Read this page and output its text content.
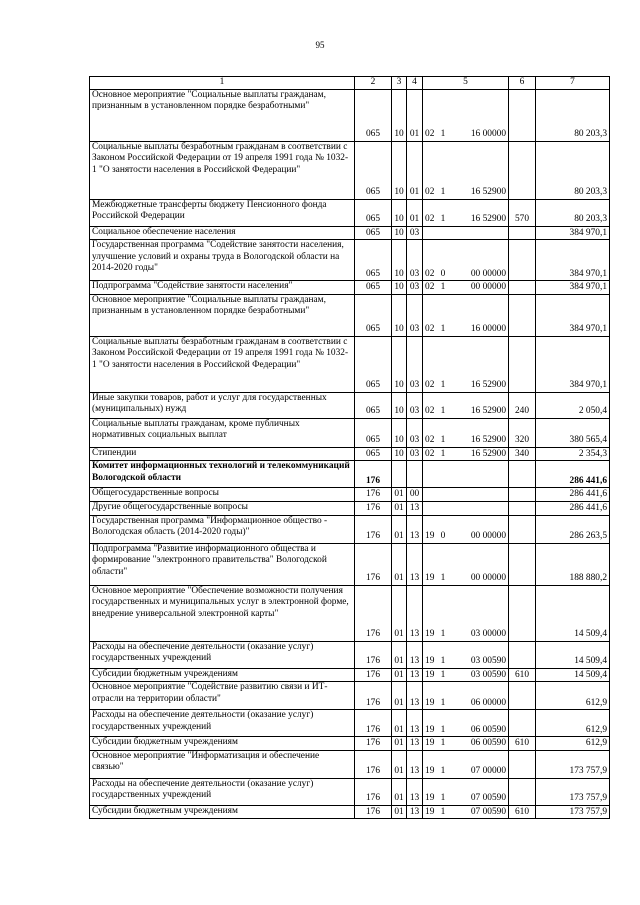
95
1	2	3	4	5	6	7
Основное мероприятие "Социальные выплаты гражданам, признанным в установленном порядке безработными"	065	10	01	02 1 16 00000		80 203,3
Социальные выплаты безработным гражданам в соответствии с Законом Российской Федерации от 19 апреля 1991 года № 1032-1 "О занятости населения в Российской Федерации"	065	10	01	02 1 16 52900		80 203,3
Межбюджетные трансферты бюджету Пенсионного фонда Российской Федерации	065	10	01	02 1 16 52900	570	80 203,3
Социальное обеспечение населения	065	10	03			384 970,1
Государственная программа "Содействие занятости населения, улучшение условий и охраны труда в Вологодской области на 2014-2020 годы"	065	10	03	02 0 00 00000		384 970,1
Подпрограмма "Содействие занятости населения"	065	10	03	02 1 00 00000		384 970,1
Основное мероприятие "Социальные выплаты гражданам, признанным в установленном порядке безработными"	065	10	03	02 1 16 00000		384 970,1
Социальные выплаты безработным гражданам в соответствии с Законом Российской Федерации от 19 апреля 1991 года № 1032-1 "О занятости населения в Российской Федерации"	065	10	03	02 1 16 52900		384 970,1
Иные закупки товаров, работ и услуг для государственных (муниципальных) нужд	065	10	03	02 1 16 52900	240	2 050,4
Социальные выплаты гражданам, кроме публичных нормативных социальных выплат	065	10	03	02 1 16 52900	320	380 565,4
Стипендии	065	10	03	02 1 16 52900	340	2 354,3
Комитет информационных технологий и телекоммуникаций Вологодской области	176					286 441,6
Общегосударственные вопросы	176	01	00			286 441,6
Другие общегосударственные вопросы	176	01	13			286 441,6
Государственная программа "Информационное общество - Вологодская область (2014-2020 годы)"	176	01	13	19 0 00 00000		286 263,5
Подпрограмма "Развитие информационного общества и формирование "электронного правительства" Вологодской области"	176	01	13	19 1 00 00000		188 880,2
Основное мероприятие "Обеспечение возможности получения государственных и муниципальных услуг в электронной форме, внедрение универсальной электронной карты"	176	01	13	19 1 03 00000		14 509,4
Расходы на обеспечение деятельности (оказание услуг) государственных учреждений	176	01	13	19 1 03 00590		14 509,4
Субсидии бюджетным учреждениям	176	01	13	19 1 03 00590	610	14 509,4
Основное мероприятие "Содействие развитию связи и ИТ-отрасли на территории области"	176	01	13	19 1 06 00000		612,9
Расходы на обеспечение деятельности (оказание услуг) государственных учреждений	176	01	13	19 1 06 00590		612,9
Субсидии бюджетным учреждениям	176	01	13	19 1 06 00590	610	612,9
Основное мероприятие "Информатизация и обеспечение связью"	176	01	13	19 1 07 00000		173 757,9
Расходы на обеспечение деятельности (оказание услуг) государственных учреждений	176	01	13	19 1 07 00590		173 757,9
Субсидии бюджетным учреждениям	176	01	13	19 1 07 00590	610	173 757,9
